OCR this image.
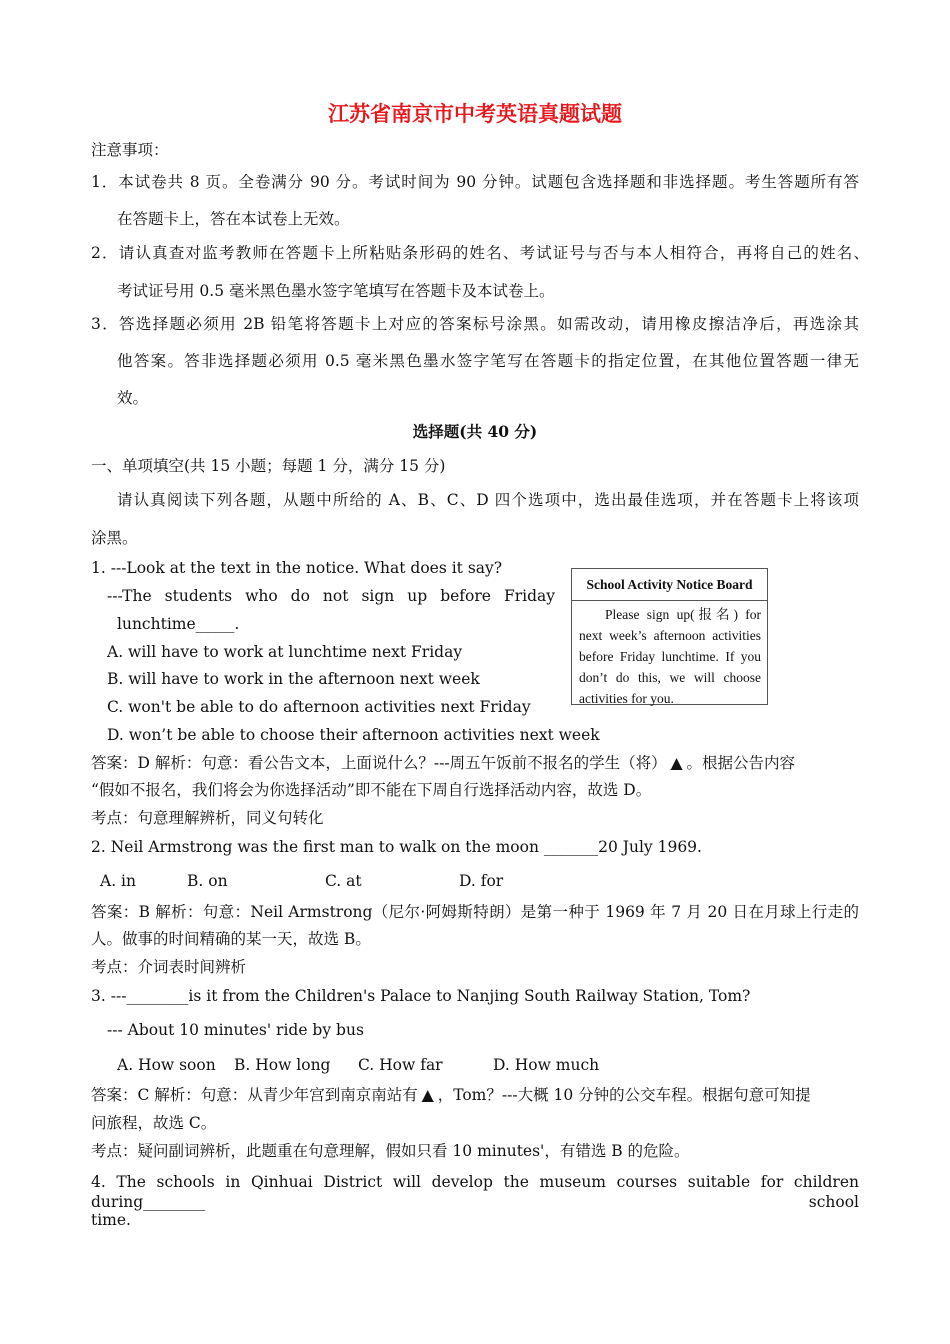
江苏省南京市中考英语真题试题
注意事项：
1．本试卷共 8 页。全卷满分 90 分。考试时间为 90 分钟。试题包含选择题和非选择题。考生答题所有答
在答题卡上，答在本试卷上无效。
2．请认真查对监考教师在答题卡上所粘贴条形码的姓名、考试证号与否与本人相符合，再将自己的姓名、
考试证号用 0.5 毫米黑色墨水签字笔填写在答题卡及本试卷上。
3．答选择题必须用 2B 铅笔将答题卡上对应的答案标号涂黑。如需改动，请用橡皮擦洁净后，再选涂其
他答案。答非选择题必须用 0.5 毫米黑色墨水签字笔写在答题卡的指定位置，在其他位置答题一律无
效。
选择题(共 40 分)
一、单项填空(共 15 小题；每题 1 分，满分 15 分)
请认真阅读下列各题，从题中所给的 A、B、C、D 四个选项中，选出最佳选项，并在答题卡上将该项
涂黑。
1. ---Look at the text in the notice. What does it say?
---The students who do not sign up before Friday
lunchtime_____.
A. will have to work at lunchtime next Friday
B. will have to work in the afternoon next week
C. won't be able to do afternoon activities next Friday
D. won’t be able to choose their afternoon activities next week
School Activity Notice Board
Please sign up(报名) for next week’s afternoon activities before Friday lunchtime. If you don’t do this, we will choose activities for you.
答案：D 解析：句意：看公告文本，上面说什么？---周五午饭前不报名的学生（将） ▲ 。根据公告内容
“假如不报名，我们将会为你选择活动”即不能在下周自行选择活动内容，故选 D。
考点：句意理解辨析，同义句转化
2. Neil Armstrong was the first man to walk on the moon _______20 July 1969.
A. in	B. on	C. at	D. for
答案：B 解析：句意：Neil Armstrong（尼尔·阿姆斯特朗）是第一种于 1969 年 7 月 20 日在月球上行走的
人。做事的时间精确的某一天，故选 B。
考点：介词表时间辨析
3. ---________is it from the Children's Palace to Nanjing South Railway Station, Tom?
--- About 10 minutes' ride by bus
A. How soon B. How long C. How far	D. How much
答案：C 解析：句意：从青少年宫到南京南站有 ▲ ，Tom？---大概 10 分钟的公交车程。根据句意可知提
问旅程，故选 C。
考点：疑问副词辨析，此题重在句意理解，假如只看 10 minutes'，有错选 B 的危险。
4. The schools in Qinhuai District will develop the museum courses suitable for children during________ school
time.
